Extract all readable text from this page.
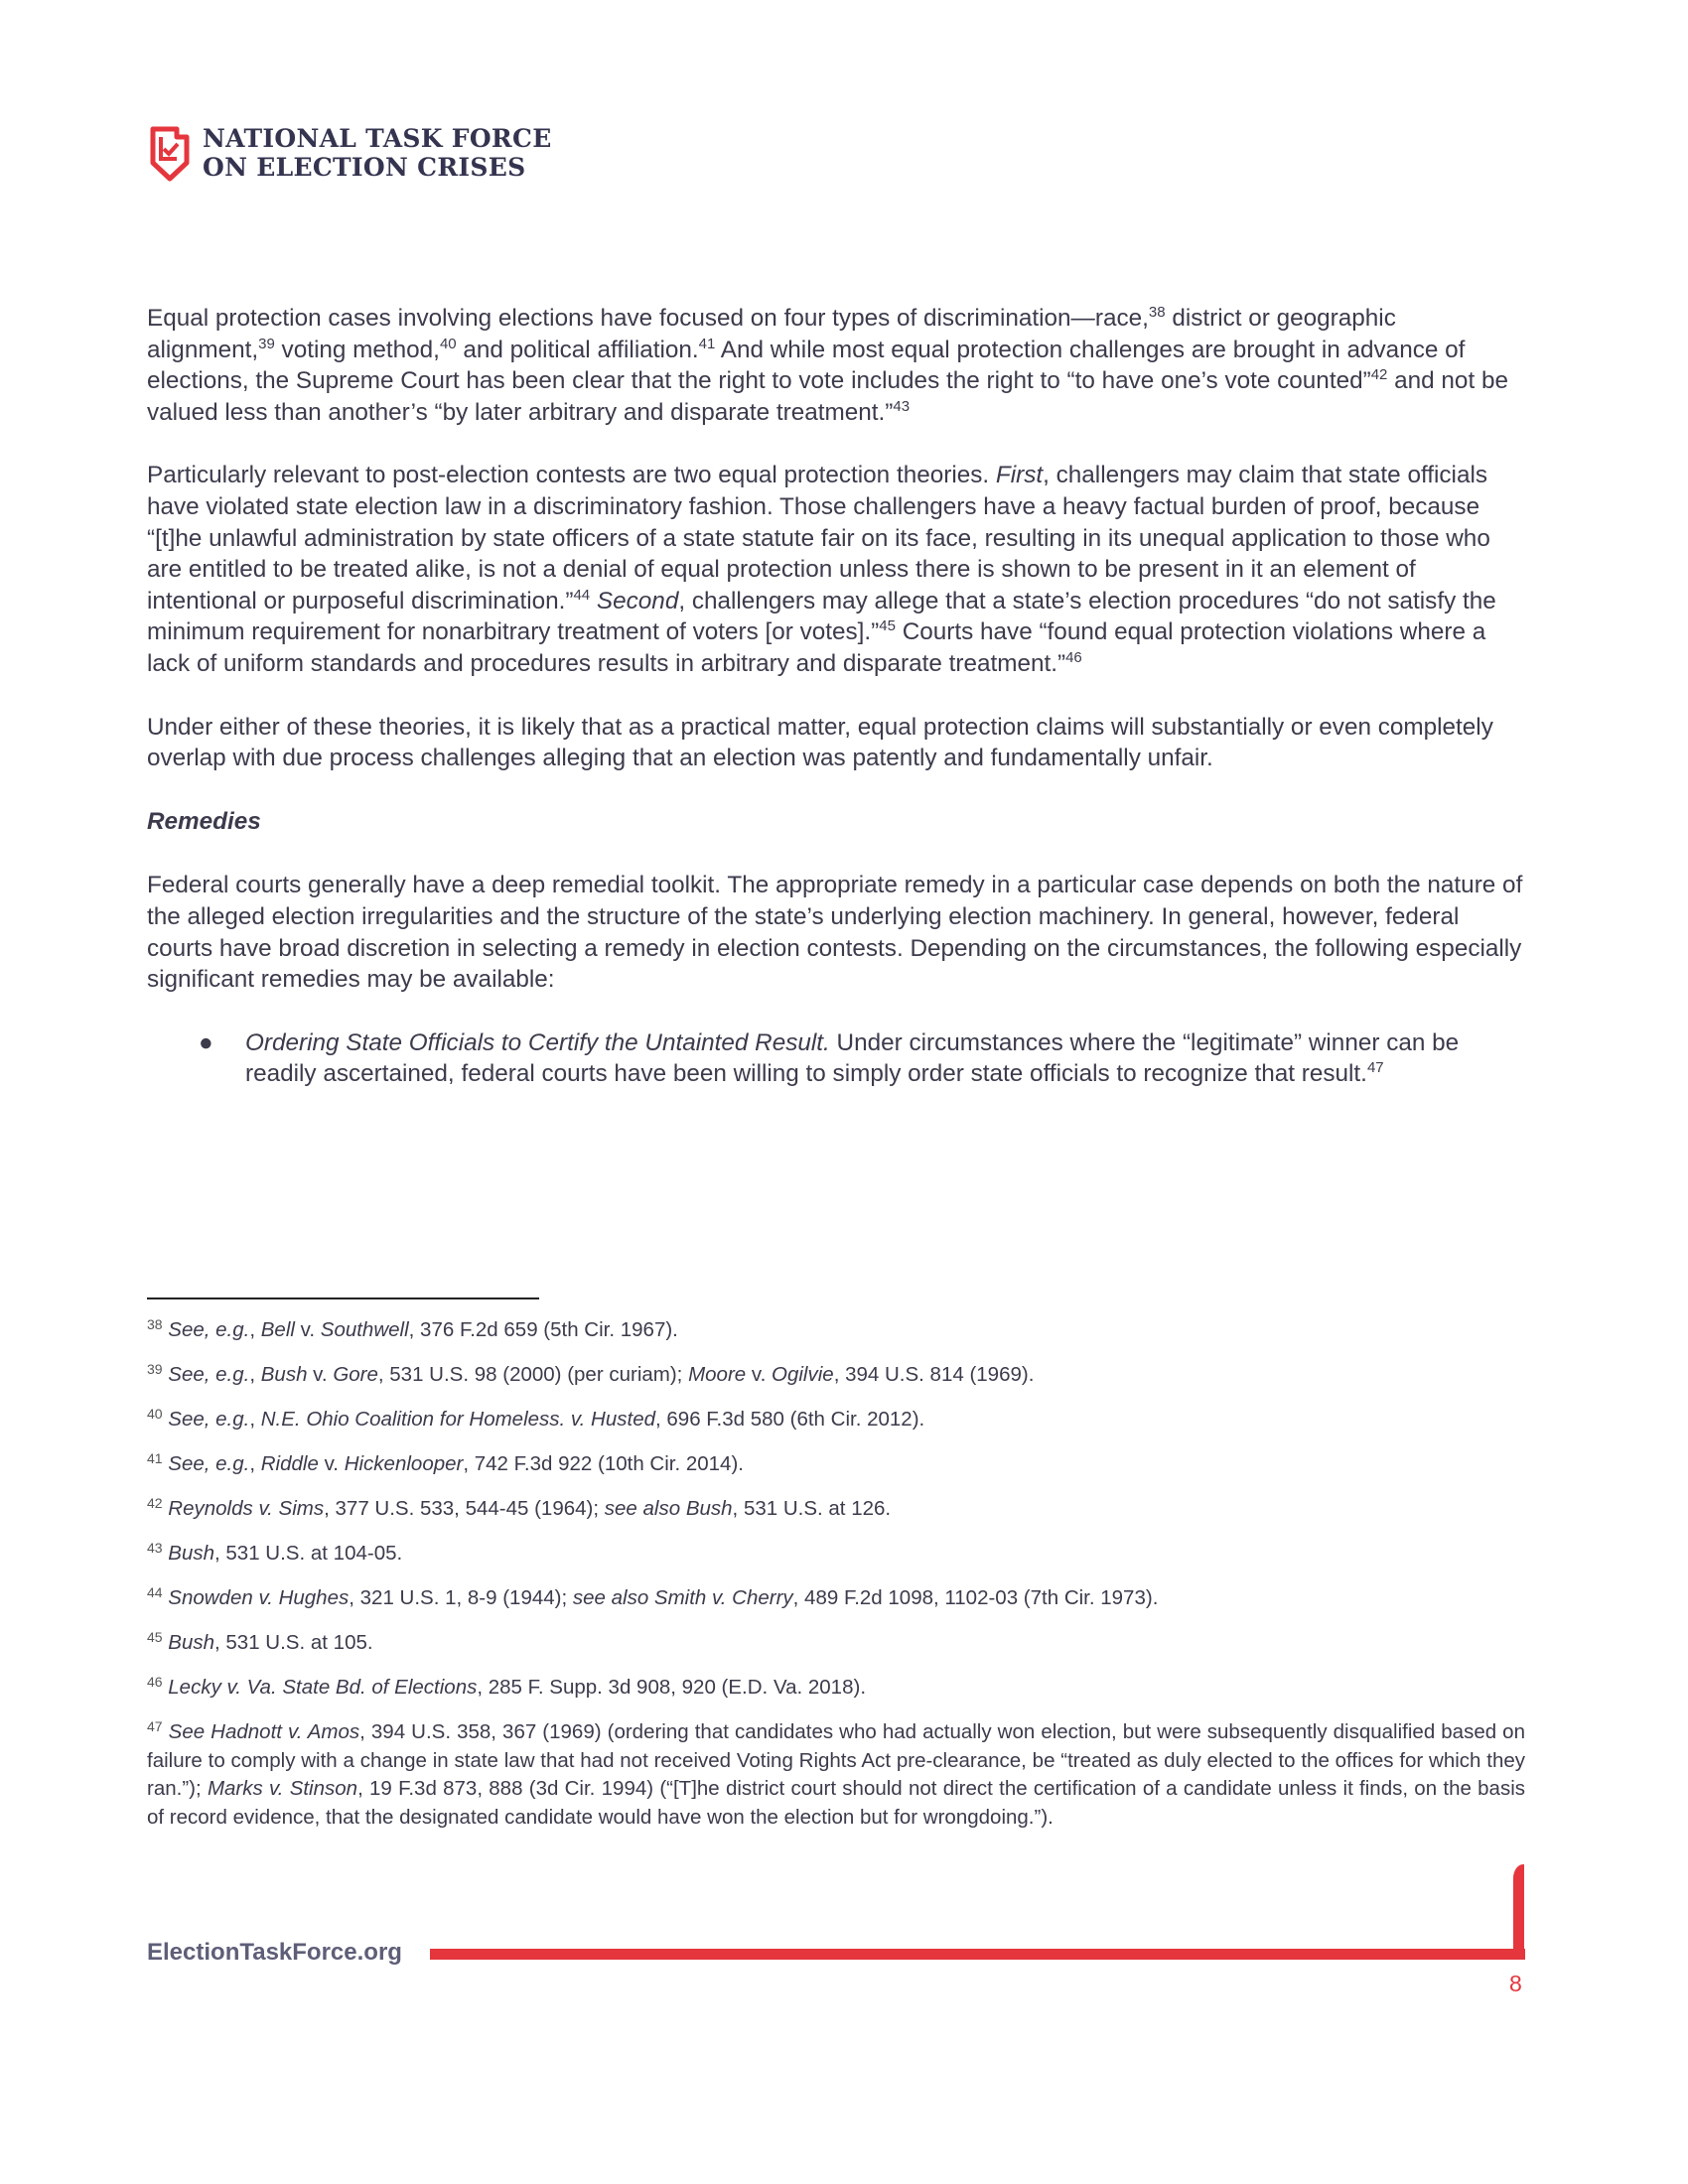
NATIONAL TASK FORCE
ON ELECTION CRISES

Equal protection cases involving elections have focused on four types of discrimination—race,$^{38}$ district or geographic alignment,$^{39}$ voting method,$^{40}$ and political affiliation.$^{41}$ And while most equal protection challenges are brought in advance of elections, the Supreme Court has been clear that the right to vote includes the right to “to have one’s vote counted”$^{42}$ and not be valued less than another’s “by later arbitrary and disparate treatment.”$^{43}$

Particularly relevant to post-election contests are two equal protection theories. First, challengers may claim that state officials have violated state election law in a discriminatory fashion. Those challengers have a heavy factual burden of proof, because “[t]he unlawful administration by state officers of a state statute fair on its face, resulting in its unequal application to those who are entitled to be treated alike, is not a denial of equal protection unless there is shown to be present in it an element of intentional or purposeful discrimination.”$^{44}$ Second, challengers may allege that a state’s election procedures “do not satisfy the minimum requirement for nonarbitrary treatment of voters [or votes].”$^{45}$ Courts have “found equal protection violations where a lack of uniform standards and procedures results in arbitrary and disparate treatment.”$^{46}$

Under either of these theories, it is likely that as a practical matter, equal protection claims will substantially or even completely overlap with due process challenges alleging that an election was patently and fundamentally unfair.

Remedies

Federal courts generally have a deep remedial toolkit. The appropriate remedy in a particular case depends on both the nature of the alleged election irregularities and the structure of the state’s underlying election machinery. In general, however, federal courts have broad discretion in selecting a remedy in election contests. Depending on the circumstances, the following especially significant remedies may be available:

●	Ordering State Officials to Certify the Untainted Result. Under circumstances where the “legitimate” winner can be readily ascertained, federal courts have been willing to simply order state officials to recognize that result.$^{47}$
$^{38}$ See, e.g., Bell v. Southwell, 376 F.2d 659 (5th Cir. 1967).
$^{39}$ See, e.g., Bush v. Gore, 531 U.S. 98 (2000) (per curiam); Moore v. Ogilvie, 394 U.S. 814 (1969).
$^{40}$ See, e.g., N.E. Ohio Coalition for Homeless. v. Husted, 696 F.3d 580 (6th Cir. 2012).
$^{41}$ See, e.g., Riddle v. Hickenlooper, 742 F.3d 922 (10th Cir. 2014).
$^{42}$ Reynolds v. Sims, 377 U.S. 533, 544-45 (1964); see also Bush, 531 U.S. at 126.
$^{43}$ Bush, 531 U.S. at 104-05.
$^{44}$ Snowden v. Hughes, 321 U.S. 1, 8-9 (1944); see also Smith v. Cherry, 489 F.2d 1098, 1102-03 (7th Cir. 1973).
$^{45}$ Bush, 531 U.S. at 105.
$^{46}$ Lecky v. Va. State Bd. of Elections, 285 F. Supp. 3d 908, 920 (E.D. Va. 2018).
$^{47}$ See Hadnott v. Amos, 394 U.S. 358, 367 (1969) (ordering that candidates who had actually won election, but were subsequently disqualified based on failure to comply with a change in state law that had not received Voting Rights Act pre-clearance, be “treated as duly elected to the offices for which they ran.”); Marks v. Stinson, 19 F.3d 873, 888 (3d Cir. 1994) (“[T]he district court should not direct the certification of a candidate unless it finds, on the basis of record evidence, that the designated candidate would have won the election but for wrongdoing.”).
ElectionTaskForce.org
8
